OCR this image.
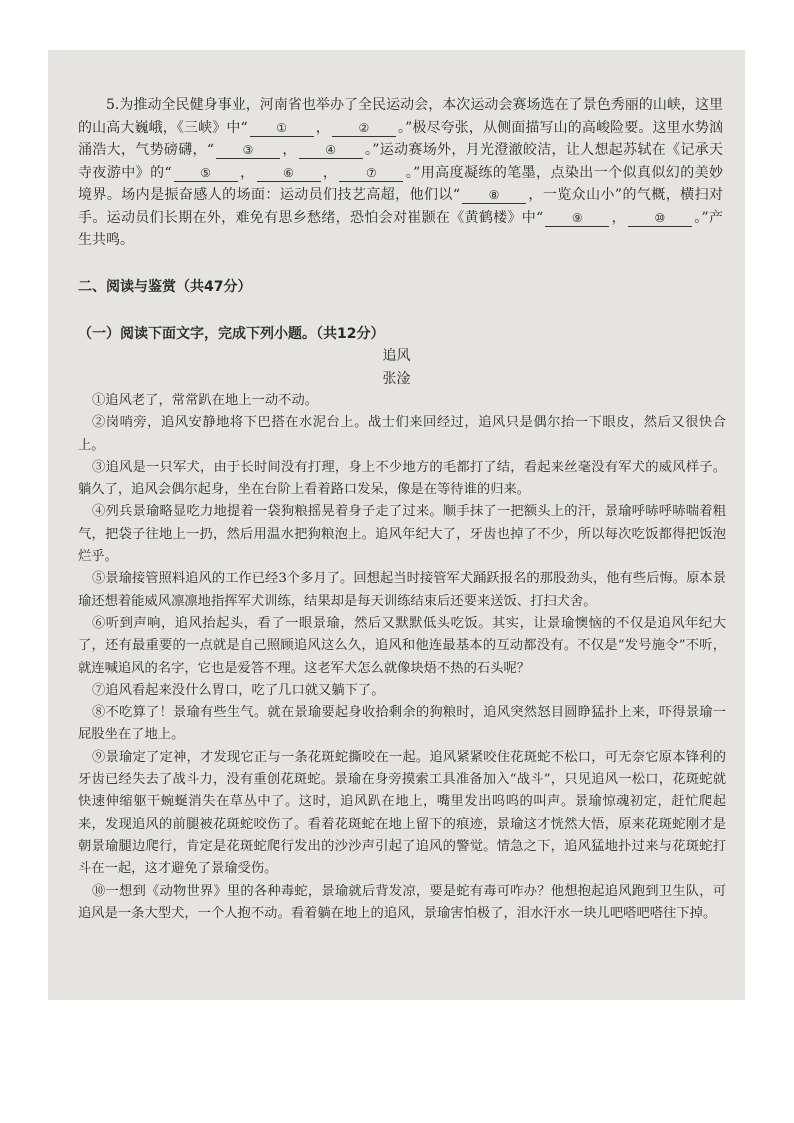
5.为推动全民健身事业，河南省也举办了全民运动会，本次运动会赛场选在了景色秀丽的山峡，这里的山高大巍峨，《三峡》中“ ① ， ② 。”极尽夸张，从侧面描写山的高峻险要。这里水势汹涌浩大，气势磅礴，“ ③ ， ④ 。”运动赛场外，月光澄澈皎洁，让人想起苏轼在《记承天寺夜游中》的“ ⑤ ， ⑥ ， ⑦ 。”用高度凝练的笔墨，点染出一个似真似幻的美妙境界。场内是振奋感人的场面：运动员们技艺高超，他们以“ ⑧ ，一览众山小”的气概，横扫对手。运动员们长期在外，难免有思乡愁绪，恐怕会对崔颢在《黄鹤楼》中“ ⑨ ， ⑩ 。”产生共鸣。
二、阅读与鉴赏（共47分）
（一）阅读下面文字，完成下列小题。（共12分）
追风
张淦

①追风老了，常常趴在地上一动不动。

②岗哨旁，追风安静地将下巴搭在水泥台上。战士们来回经过，追风只是偶尔抬一下眼皮，然后又很快合上。

③追风是一只军犬，由于长时间没有打理，身上不少地方的毛都打了结，看起来丝毫没有军犬的威风样子。躺久了，追风会偶尔起身，坐在台阶上看着路口发呆，像是在等待谁的归来。

④列兵景瑜略显吃力地提着一袋狗粮摇晃着身子走了过来。顺手抹了一把额头上的汗，景瑜呼哧呼哧喘着粗气，把袋子往地上一扔，然后用温水把狗粮泡上。追风年纪大了，牙齿也掉了不少，所以每次吃饭都得把饭泡烂乎。

⑤景瑜接管照料追风的工作已经3个多月了。回想起当时接管军犬踊跃报名的那股劲头，他有些后悔。原本景瑜还想着能威风凛凛地指挥军犬训练，结果却是每天训练结束后还要来送饭、打扫犬舍。

⑥听到声响，追风抬起头，看了一眼景瑜，然后又默默低头吃饭。其实，让景瑜懊恼的不仅是追风年纪大了，还有最重要的一点就是自己照顾追风这么久，追风和他连最基本的互动都没有。不仅是“发号施令”不听，就连喊追风的名字，它也是爱答不理。这老军犬怎么就像块焐不热的石头呢？

⑦追风看起来没什么胃口，吃了几口就又躺下了。

⑧不吃算了！景瑜有些生气。就在景瑜要起身收拾剩余的狗粮时，追风突然怒目圆睁猛扑上来，吓得景瑜一屁股坐在了地上。

⑨景瑜定了定神，才发现它正与一条花斑蛇撕咬在一起。追风紧紧咬住花斑蛇不松口，可无奈它原本锋利的牙齿已经失去了战斗力，没有重创花斑蛇。景瑜在身旁摸索工具准备加入“战斗”，只见追风一松口，花斑蛇就快速伸缩躯干蜿蜒消失在草丛中了。这时，追风趴在地上，嘴里发出呜呜的叫声。景瑜惊魂初定，赶忙爬起来，发现追风的前腿被花斑蛇咬伤了。看着花斑蛇在地上留下的痕迹，景瑜这才恍然大悟，原来花斑蛇刚才是朝景瑜腿边爬行，肯定是花斑蛇爬行发出的沙沙声引起了追风的警觉。情急之下，追风猛地扑过来与花斑蛇打斗在一起，这才避免了景瑜受伤。

⑩一想到《动物世界》里的各种毒蛇，景瑜就后背发凉，要是蛇有毒可咋办？他想抱起追风跑到卫生队，可追风是一条大型犬，一个人抱不动。看着躺在地上的追风，景瑜害怕极了，泪水汗水一块儿吧嗒吧嗒往下掉。
